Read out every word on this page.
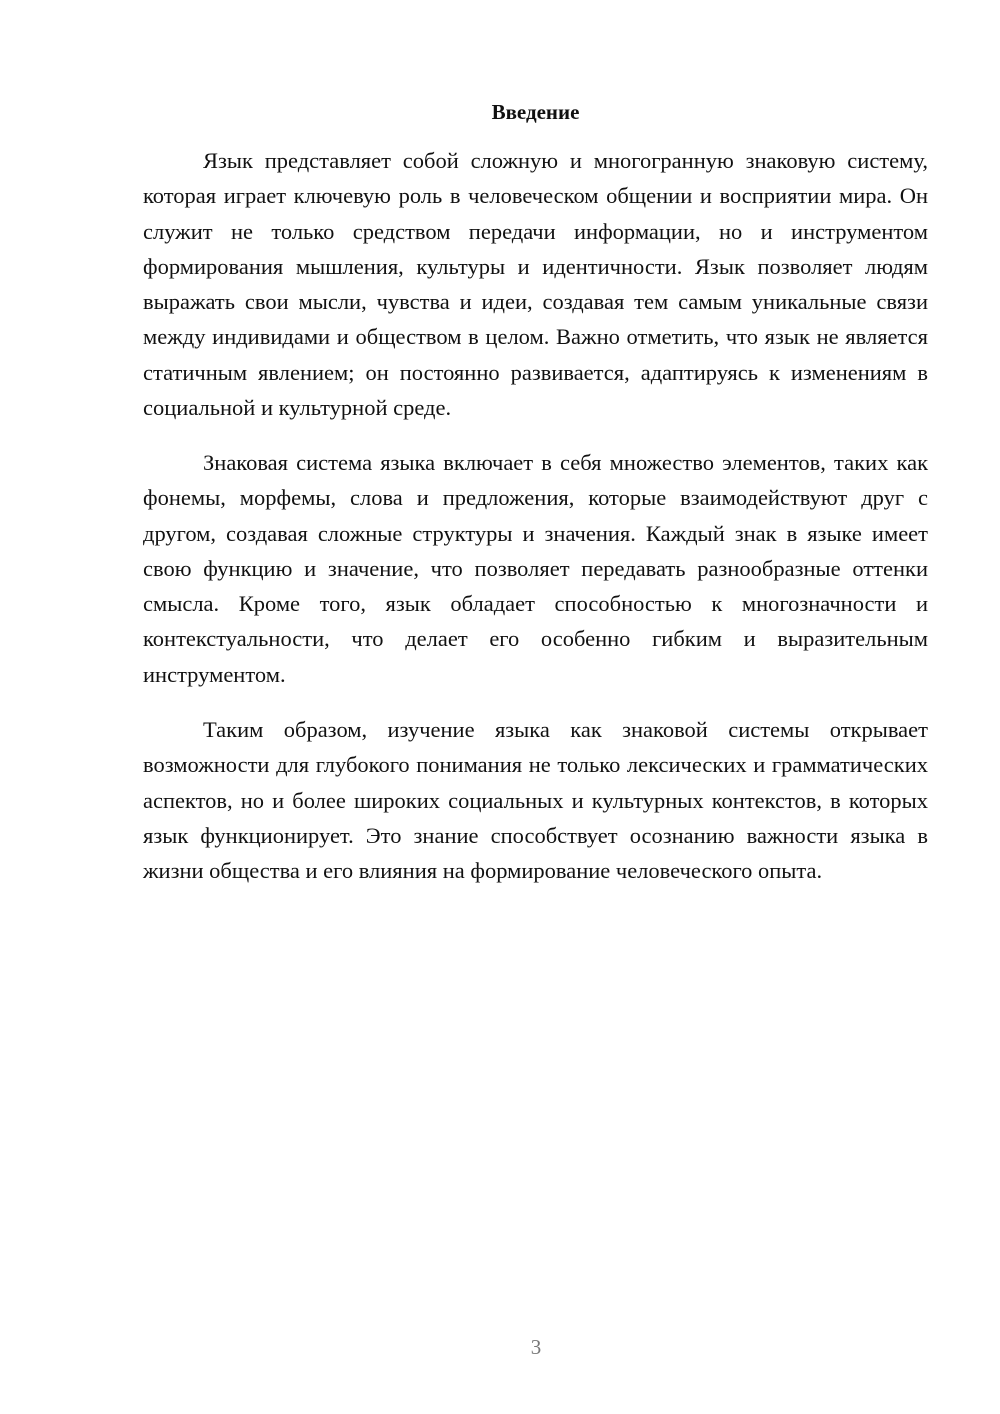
Введение

Язык представляет собой сложную и многогранную знаковую систему, которая играет ключевую роль в человеческом общении и восприятии мира. Он служит не только средством передачи информации, но и инструментом формирования мышления, культуры и идентичности. Язык позволяет людям выражать свои мысли, чувства и идеи, создавая тем самым уникальные связи между индивидами и обществом в целом. Важно отметить, что язык не является статичным явлением; он постоянно развивается, адаптируясь к изменениям в социальной и культурной среде.

Знаковая система языка включает в себя множество элементов, таких как фонемы, морфемы, слова и предложения, которые взаимодействуют друг с другом, создавая сложные структуры и значения. Каждый знак в языке имеет свою функцию и значение, что позволяет передавать разнообразные оттенки смысла. Кроме того, язык обладает способностью к многозначности и контекстуальности, что делает его особенно гибким и выразительным инструментом.

Таким образом, изучение языка как знаковой системы открывает возможности для глубокого понимания не только лексических и грамматических аспектов, но и более широких социальных и культурных контекстов, в которых язык функционирует. Это знание способствует осознанию важности языка в жизни общества и его влияния на формирование человеческого опыта.

3
